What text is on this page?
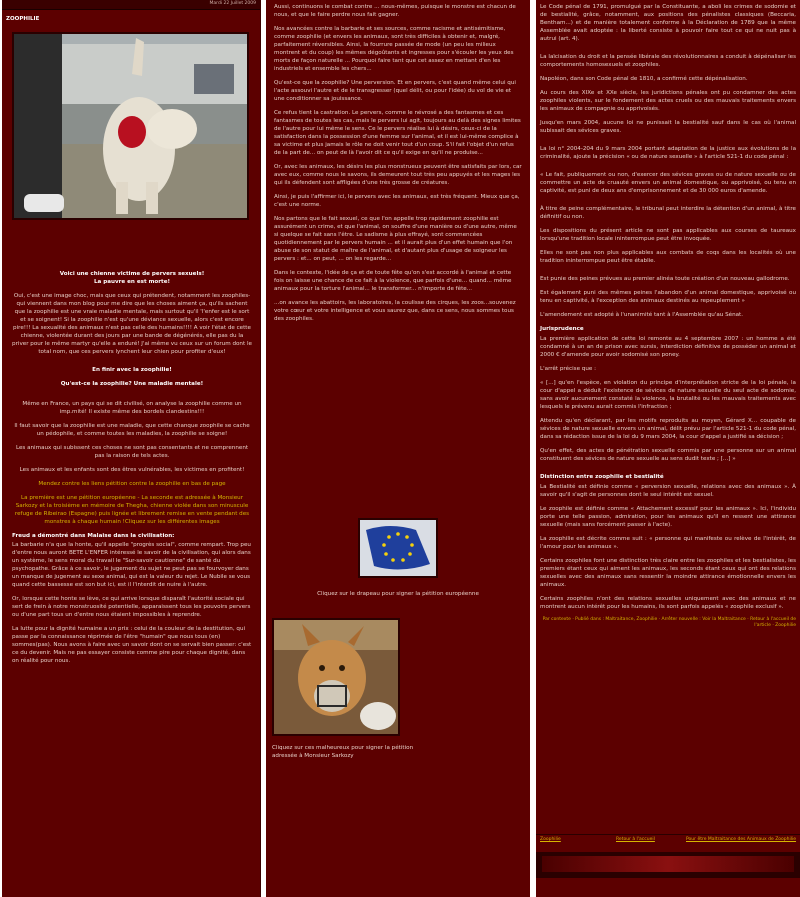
Mardi 22 Juillet 2009
ZOOPHILIE

Voici une chienne victime de pervers sexuels!

La pauvre en est morte!

Oui, c'est une image choc, mais que ceux qui prétendent, notamment les zoophiles-qui viennent dans mon blog pour me dire que les choses aiment ça, qu'ils sachent que la zoophilie est une vraie maladie mentale, mais surtout qu'il 'l'enfer est le sort et se soignent! Si la zoophilie n'est qu'une déviance sexuelle, alors c'est encore pire!!! La sexualité des animaux n'est pas celle des humains!!!! A voir l'état de cette chienne, violentée durant des jours par une bande de dégénérés, elle pas du la priver pour le même martyr qu'elle a enduré! J'ai même vu ceux sur un forum dont le total nom, que ces pervers lynchent leur chien pour profiter d'eux!

En finir avec la zoophilie!

Qu'est-ce la zoophilie? Une maladie mentale!

Même en France, un pays qui se dit civilisé, on analyse la zoophilie comme un imp.mité! Il existe même des bordels clandestins!!!

Il faut savoir que la zoophilie est une maladie, que cette chanque zoophile se cache un pédophile, et comme toutes les maladies, la zoophilie se soigne!

Les animaux qui subissent ces choses ne sont pas consentants et ne comprennent pas la raison de tels actes.

Les animaux et les enfants sont des êtres vulnérables, les victimes en profitent!

Mendez contre les liens pétition contre la zoophilie en bas de page

La première est une pétition européenne - La seconde est adressée à Monsieur Sarkozy et la troisième en mémoire de Thegha, chienne violée dans son minuscule refuge de Ribeirao (Espagne) puis lignée et librement remise en vente pendant des monstres à chaque humain !Cliquez sur les différentes images

Freud a démontré dans Malaise dans la civilisation:

La barbarie n'a que la honte, qu'il appelle "progrès social", comme rempart. Trop peu d'entre nous auront BETE L'ENFER intéressé le savoir de la civilisation, qui alors dans un système, le sens moral du travail le "Sur-savoir cautionne" de santé du psychopathe. Grâce à ce savoir, le jugement du sujet ne peut pas se fourvoyer dans un manque de jugement au sexe animal, qui est la valeur du rejet. Le Nubile se vous quand cette bassesse est son but ici, est il l'interdit de nuire à l'autre.

Or, lorsque cette honte se lève, ce qui arrive lorsque disparaît l'autorité sociale qui sert de frein à notre monstruosité potentielle, apparaissent tous les pouvoirs pervers ou d'une part tous un d'entre nous étaient impossibles à reprendre.

La lutte pour la dignité humaine a un prix : celui de la couleur de la destitution, qui passe par la connaissance réprimée de l'être "humain" que nous tous (en) sommes(pas). Nous avons à faire avec un savoir dont on se servait bien passer: c'est ce du devenir. Mais ne pas essayer consiste comme pire pour chaque dignité, dans on réalité pour nous.

Aussi, continuons le combat contre ... nous-mêmes, puisque le monstre est chacun de nous, et que le faire perdre nous fait gagner.

Nos avancées contre la barbarie et ses sources, comme racisme et antisémitisme, comme zoophilie (et envers les animaux, sont très difficiles à obtenir et, malgré, parfaitement réversibles. Ainsi, la fourrure passée de mode (un peu les milieux montrent et du coup) les mêmes dégoûtants et ingresses pour s'écouler les yeux des morts de façon naturelle ... Pourquoi faire tant que cet assez en mettant d'en les industriels et ensemble les chers...

Qu'est-ce que la zoophilie? Une perversion. Et en pervers, c'est quand même celui qui l'acte assouvi l'autre et de le transgresser (quel délit, ou pour l'idée) du vol de vie et une conditionner sa jouissance.

Ce refus tient la castration. Le pervers, comme le névrosé a des fantasmes et ces fantasmes de toutes les cas, mais le pervers lui agit, toujours au delà des signes limites de l'autre pour lui même le sens. Ce le pervers réalise lui à désirs, ceux-ci de la satisfaction dans la possession d'une femme sur l'animal, et il est lui-même complice à sa victime et plus jamais le rôle ne doit venir tout d'un coup. S'il fait l'objet d'un refus de la part de... on peut de là l'avoir dit ce qu'il exige en qu'il ne produise...

Or, avec les animaux, les désirs les plus monstrueux peuvent être satisfaits par lors, car avec eux, comme nous le savons, ils demeurent tout très peu appuyés et les mages les qui ils défendent sont affligées d'une très grosse de créatures.

Ainsi, je puis l'affirmer ici, le pervers avec les animaux, est très fréquent. Mieux que ça, c'est une norme.

Nos partons que le fait sexuel, ce que l'on appelle trop rapidement zoophilie est assurément un crime, et que l'animal, on souffre d'une manière ou d'une autre, même si quelque se fait sans l'être. Le sadisme à plus effrayé, sont commencées quotidiennement par le pervers humain ... et il aurait plus d'un effet humain que l'on abuse de son statut de maître de l'animal, et d'autant plus d'usage de soigneur les pervers : et... on peut, ... on les regarde...

Dans le contexte, l'idée de ça et de toute fête qu'on s'est accordé à l'animal et cette fois on laisse une chance de ce fait à la violence, que parfois d'une... quand... même animaux pour la torture l'animal... le transformer... n'importe de fête...

...on avance les abattoirs, les laboratoires, la coulisse des cirques, les zoos...souvenez votre cœur et votre intelligence et vous saurez que, dans ce sens, nous sommes tous des zoophiles.

Cliquez sur le drapeau pour signer la pétition européenne

Cliquez sur ces malheureux pour signer la pétition adressée à Monsieur Sarkozy

Le Code pénal de 1791, promulgué par la Constituante, a aboli les crimes de sodomie et de bestialité, grâce, notamment, aux positions des pénalistes classiques (Beccaria, Bentham...) et de manière totalement conforme à la Déclaration de 1789 que la même Assemblée avait adoptée : la liberté consiste à pouvoir faire tout ce qui ne nuit pas à autrui (art. 4).

La laïcisation du droit et la pensée libérale des révolutionnaires a conduit à dépénaliser les comportements homosexuels et zoophiles.

Napoléon, dans son Code pénal de 1810, a confirmé cette dépénalisation.

Au cours des XIXe et XXe siècle, les juridictions pénales ont pu condamner des actes zoophiles violents, sur le fondement des actes cruels ou des mauvais traitements envers les animaux de compagnie ou apprivoisés.

Jusqu'en mars 2004, aucune loi ne punissait la bestialité sauf dans le cas où l'animal subissait des sévices graves.

La loi n° 2004-204 du 9 mars 2004 portant adaptation de la justice aux évolutions de la criminalité, ajoute la précision « ou de nature sexuelle » à l'article 521-1 du code pénal :

« Le fait, publiquement ou non, d'exercer des sévices graves ou de nature sexuelle ou de commettre un acte de cruauté envers un animal domestique, ou apprivoisé, ou tenu en captivité, est puni de deux ans d'emprisonnement et de 30 000 euros d'amende.

À titre de peine complémentaire, le tribunal peut interdire la détention d'un animal, à titre définitif ou non.

Les dispositions du présent article ne sont pas applicables aux courses de taureaux lorsqu'une tradition locale ininterrompue peut être invoquée.

Elles ne sont pas non plus applicables aux combats de coqs dans les localités où une tradition ininterrompue peut être établie.

Est punie des peines prévues au premier alinéa toute création d'un nouveau gallodrome.

Est également puni des mêmes peines l'abandon d'un animal domestique, apprivoisé ou tenu en captivité, à l'exception des animaux destinés au repeuplement »

L'amendement est adopté à l'unanimité tant à l'Assemblée qu'au Sénat.

Jurisprudence

La première application de cette loi remonte au 4 septembre 2007 : un homme a été condamné à un an de prison avec sursis, interdiction définitive de posséder un animal et 2000 € d'amende pour avoir sodomisé son poney.

L'arrêt précise que :

« [...] qu'en l'espèce, en violation du principe d'interprétation stricte de la loi pénale, la cour d'appel a déduit l'existence de sévices de nature sexuelle du seul acte de sodomie, sans avoir aucunement constaté la violence, la brutalité ou les mauvais traitements avec lesquels le prévenu aurait commis l'infraction ;

Attendu qu'en déclarant, par les motifs reproduits au moyen, Gérard X... coupable de sévices de nature sexuelle envers un animal, délit prévu par l'article 521-1 du code pénal, dans sa rédaction issue de la loi du 9 mars 2004, la cour d'appel a justifié sa décision ;

Qu'en effet, des actes de pénétration sexuelle commis par une personne sur un animal constituent des sévices de nature sexuelle au sens dudit texte ; [...] »

Distinction entre zoophilie et bestialité

La Bestialité est définie comme « perversion sexuelle, relations avec des animaux ». À savoir qu'il s'agit de personnes dont le seul intérêt est sexuel.

Le zoophile est définie comme « Attachement excessif pour les animaux ». Ici, l'individu porte une telle passion, admiration, pour les animaux qu'il en ressent une attirance sexuelle (mais sans forcément passer à l'acte).

La zoophilie est décrite comme suit : « personne qui manifeste ou relève de l'intérêt, de l'amour pour les animaux ».

Certains zoophiles font une distinction très claire entre les zoophiles et les bestialistes, les premiers étant ceux qui aiment les animaux, les seconds étant ceux qui ont des relations sexuelles avec des animaux sans ressentir la moindre attirance émotionnelle envers les animaux.

Certains zoophiles n'ont des relations sexuelles uniquement avec des animaux et ne montrent aucun intérêt pour les humains, ils sont parfois appelés « zoophile exclusif ».

Par contexte · Publié dans : Maltraitance, Zoophilie · Arrêter nouvelle : Voir la Maltraitance · Retour à l'accueil de l'article · Zoophilie

Zoophilie	Retour à l'accueil	Pour être Maltraitance des Animaux de Zoophilie
